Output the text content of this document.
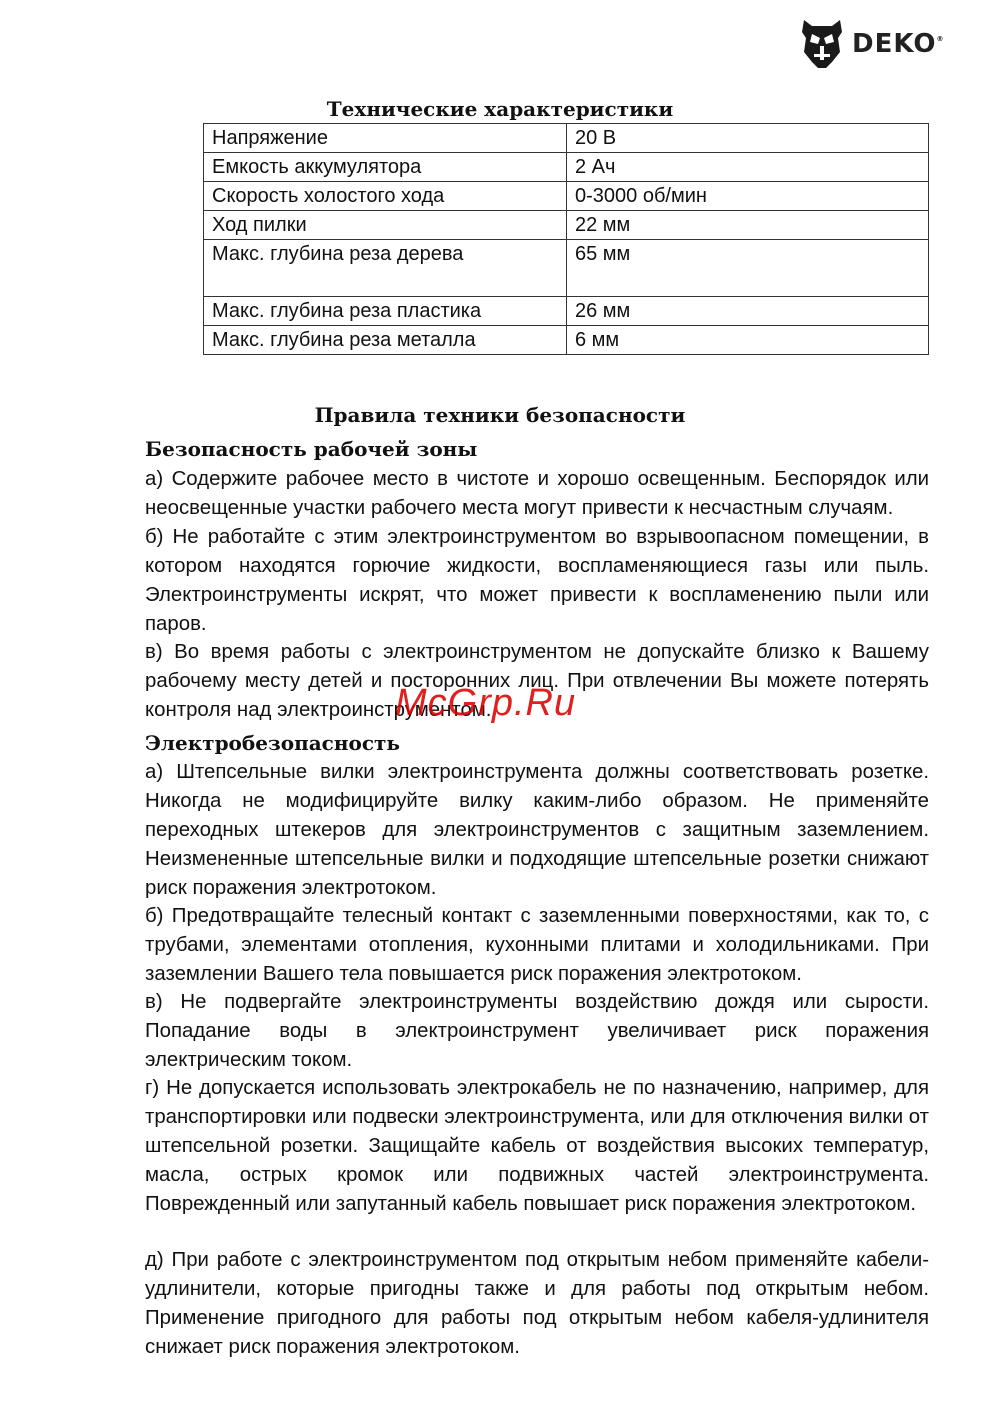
DEKO®
Технические характеристики
Напряжение	20 В
Емкость аккумулятора	2 Ач
Скорость холостого хода	0-3000 об/мин
Ход пилки	22 мм
Макс. глубина реза дерева	65 мм
Макс. глубина реза пластика	26 мм
Макс. глубина реза металла	6 мм
Правила техники безопасности
Безопасность рабочей зоны
а) Содержите рабочее место в чистоте и хорошо освещенным. Беспорядок или неосвещенные участки рабочего места могут привести к несчастным случаям.
б) Не работайте с этим электроинструментом во взрывоопасном помещении, в котором находятся горючие жидкости, воспламеняющиеся газы или пыль. Электроинструменты искрят, что может привести к воспламенению пыли или паров.
в) Во время работы с электроинструментом не допускайте близко к Вашему рабочему месту детей и посторонних лиц. При отвлечении Вы можете потерять контроля над электроинструментом.
Электробезопасность
а) Штепсельные вилки электроинструмента должны соответствовать розетке. Никогда не модифицируйте вилку каким-либо образом. Не применяйте переходных штекеров для электроинструментов с защитным заземлением. Неизмененные штепсельные вилки и подходящие штепсельные розетки снижают риск поражения электротоком.
б) Предотвращайте телесный контакт с заземленными поверхностями, как то, с трубами, элементами отопления, кухонными плитами и холодильниками. При заземлении Вашего тела повышается риск поражения электротоком.
в) Не подвергайте электроинструменты воздействию дождя или сырости. Попадание воды в электроинструмент увеличивает риск поражения электрическим током.
г) Не допускается использовать электрокабель не по назначению, например, для транспортировки или подвески электроинструмента, или для отключения вилки от штепсельной розетки. Защищайте кабель от воздействия высоких температур, масла, острых кромок или подвижных частей электроинструмента. Поврежденный или запутанный кабель повышает риск поражения электротоком.
д) При работе с электроинструментом под открытым небом применяйте кабели-удлинители, которые пригодны также и для работы под открытым небом. Применение пригодного для работы под открытым небом кабеля-удлинителя снижает риск поражения электротоком.
McGrp.Ru
